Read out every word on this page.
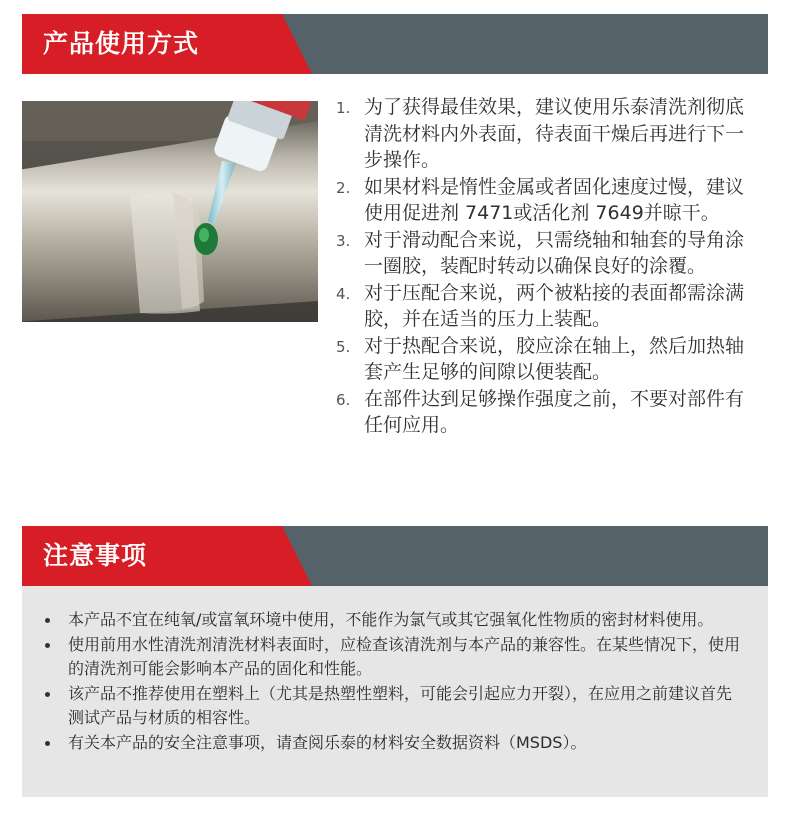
产品使用方式
1. 为了获得最佳效果，建议使用乐泰清洗剂彻底清洗材料内外表面，待表面干燥后再进行下一步操作。
2. 如果材料是惰性金属或者固化速度过慢，建议使用促进剂 7471或活化剂 7649并晾干。
3. 对于滑动配合来说，只需绕轴和轴套的导角涂一圈胶，装配时转动以确保良好的涂覆。
4. 对于压配合来说，两个被粘接的表面都需涂满胶，并在适当的压力上装配。
5. 对于热配合来说，胶应涂在轴上，然后加热轴套产生足够的间隙以便装配。
6. 在部件达到足够操作强度之前，不要对部件有任何应用。
注意事项
本产品不宜在纯氧/或富氧环境中使用，不能作为氯气或其它强氧化性物质的密封材料使用。
使用前用水性清洗剂清洗材料表面时，应检查该清洗剂与本产品的兼容性。在某些情况下，使用的清洗剂可能会影响本产品的固化和性能。
该产品不推荐使用在塑料上（尤其是热塑性塑料，可能会引起应力开裂），在应用之前建议首先测试产品与材质的相容性。
有关本产品的安全注意事项，请查阅乐泰的材料安全数据资料（MSDS）。
